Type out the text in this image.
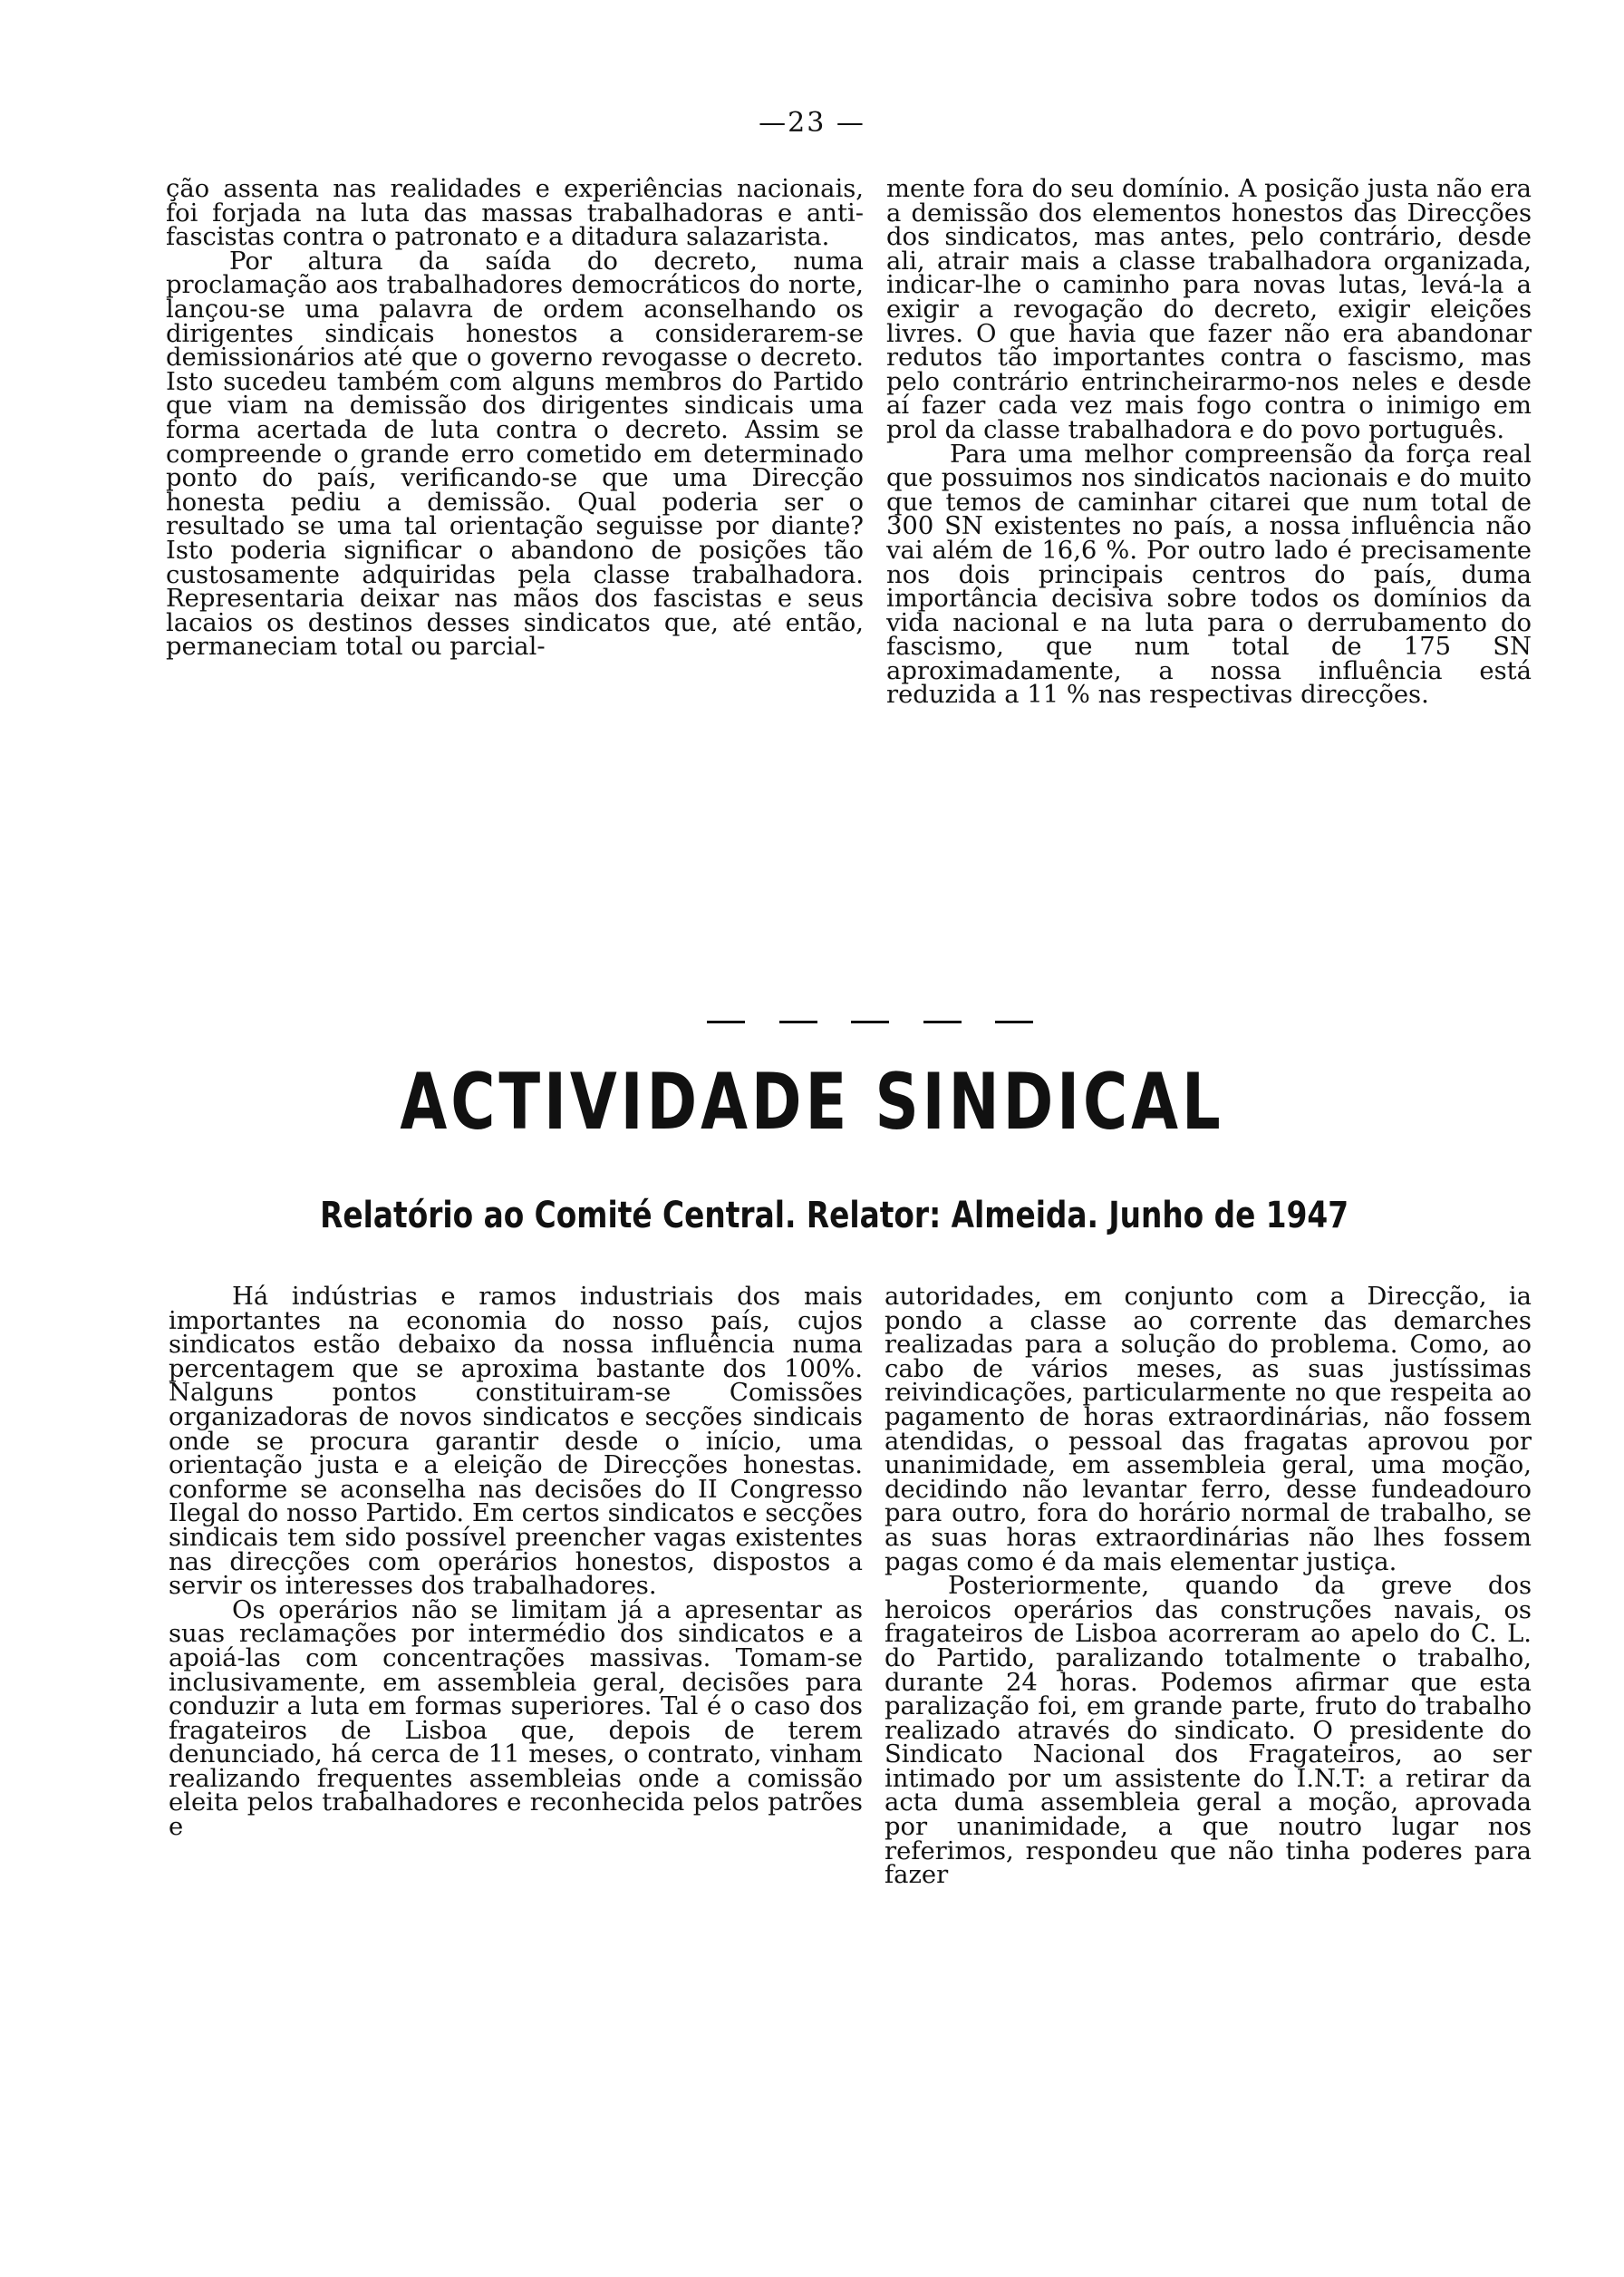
—23 —

ção assenta nas realidades e experiências nacionais, foi forjada na luta das massas trabalhadoras e anti-fascistas contra o patronato e a ditadura salazarista.

Por altura da saída do decreto, numa proclamação aos trabalhadores democráticos do norte, lançou-se uma palavra de ordem aconselhando os dirigentes sindicais honestos a considerarem-se demissionários até que o governo revogasse o decreto. Isto sucedeu também com alguns membros do Partido que viam na demissão dos dirigentes sindicais uma forma acertada de luta contra o decreto. Assim se compreende o grande erro cometido em determinado ponto do país, verificando-se que uma Direcção honesta pediu a demissão. Qual poderia ser o resultado se uma tal orientação seguisse por diante? Isto poderia significar o abandono de posições tão custosamente adquiridas pela classe trabalhadora. Representaria deixar nas mãos dos fascistas e seus lacaios os destinos desses sindicatos que, até então, permaneciam total ou parcial-

mente fora do seu domínio. A posição justa não era a demissão dos elementos honestos das Direcções dos sindicatos, mas antes, pelo contrário, desde ali, atrair mais a classe trabalhadora organizada, indicar-lhe o caminho para novas lutas, levá-la a exigir a revogação do decreto, exigir eleições livres. O que havia que fazer não era abandonar redutos tão importantes contra o fascismo, mas pelo contrário entrincheirarmo-nos neles e desde aí fazer cada vez mais fogo contra o inimigo em prol da classe trabalhadora e do povo português.

Para uma melhor compreensão da força real que possuimos nos sindicatos nacionais e do muito que temos de caminhar citarei que num total de 300 SN existentes no país, a nossa influência não vai além de 16,6 %. Por outro lado é precisamente nos dois principais centros do país, duma importância decisiva sobre todos os domínios da vida nacional e na luta para o derrubamento do fascismo, que num total de 175 SN aproximadamente, a nossa influência está reduzida a 11 % nas respectivas direcções.

ACTIVIDADE SINDICAL
Relatório ao Comité Central. Relator: Almeida. Junho de 1947

Há indústrias e ramos industriais dos mais importantes na economia do nosso país, cujos sindicatos estão debaixo da nossa influência numa percentagem que se aproxima bastante dos 100%. Nalguns pontos constituiram-se Comissões organizadoras de novos sindicatos e secções sindicais onde se procura garantir desde o início, uma orientação justa e a eleição de Direcções honestas. conforme se aconselha nas decisões do II Congresso Ilegal do nosso Partido. Em certos sindicatos e secções sindicais tem sido possível preencher vagas existentes nas direcções com operários honestos, dispostos a servir os interesses dos trabalhadores.

Os operários não se limitam já a apresentar as suas reclamações por intermédio dos sindicatos e a apoiá-las com concentrações massivas. Tomam-se inclusivamente, em assembleia geral, decisões para conduzir a luta em formas superiores. Tal é o caso dos fragateiros de Lisboa que, depois de terem denunciado, há cerca de 11 meses, o contrato, vinham realizando frequentes assembleias onde a comissão eleita pelos trabalhadores e reconhecida pelos patrões e

autoridades, em conjunto com a Direcção, ia pondo a classe ao corrente das demarches realizadas para a solução do problema. Como, ao cabo de vários meses, as suas justíssimas reivindicações, particularmente no que respeita ao pagamento de horas extraordinárias, não fossem atendidas, o pessoal das fragatas aprovou por unanimidade, em assembleia geral, uma moção, decidindo não levantar ferro, desse fundeadouro para outro, fora do horário normal de trabalho, se as suas horas extraordinárias não lhes fossem pagas como é da mais elementar justiça.

Posteriormente, quando da greve dos heroicos operários das construções navais, os fragateiros de Lisboa acorreram ao apelo do C. L. do Partido, paralizando totalmente o trabalho, durante 24 horas. Podemos afirmar que esta paralização foi, em grande parte, fruto do trabalho realizado através do sindicato. O presidente do Sindicato Nacional dos Fragateiros, ao ser intimado por um assistente do I.N.T: a retirar da acta duma assembleia geral a moção, aprovada por unanimidade, a que noutro lugar nos referimos, respondeu que não tinha poderes para fazer
